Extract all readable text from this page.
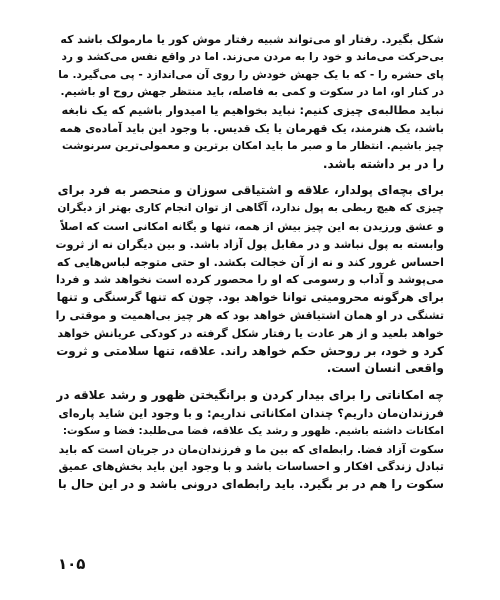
شکل بگیرد. رفتار او می‌تواند شبیه رفتار موش کور یا مارمولک باشد که
بی‌حرکت می‌ماند و خود را به مردن می‌زند. اما در واقع نفس می‌کشد و رد
پای حشره را - که با یک جهش خودش را روی آن می‌اندازد - پی می‌گیرد. ما
در کنار او، اما در سکوت و کمی به فاصله، باید منتظر جهش روح او باشیم.
نباید مطالبه‌ی چیزی کنیم: نباید بخواهیم یا امیدوار باشیم که یک نابغه
باشد، یک هنرمند، یک قهرمان یا یک قدیس. با وجود این باید آماده‌ی همه
چیز باشیم. انتظار ما و صبر ما باید امکان برترین و معمولی‌ترین سرنوشت
را در بر داشته باشد.
برای بچه‌ای پولدار، علاقه و اشتیاقی سوزان و منحصر به فرد برای
چیزی که هیچ ربطی به پول ندارد، آگاهی از توان انجام کاری بهتر از دیگران
و عشق ورزیدن به این چیز بیش از همه، تنها و یگانه امکانی است که اصلاً
وابسته به پول نباشد و در مقابل پول آزاد باشد. و بین دیگران نه از ثروت
احساس غرور کند و نه از آن خجالت بکشد. او حتی متوجه لباس‌هایی که
می‌پوشد و آداب و رسومی که او را محصور کرده است نخواهد شد و فردا
برای هرگونه محرومیتی توانا خواهد بود. چون که تنها گرسنگی و تنها
تشنگی در او همان اشتیاقش خواهد بود که هر چیز بی‌اهمیت و موقتی را
خواهد بلعید و از هر عادت یا رفتار شکل گرفته در کودکی عریانش خواهد
کرد و خود، بر روحش حکم خواهد راند. علاقه، تنها سلامتی و ثروت
واقعی انسان است.
چه امکاناتی را برای بیدار کردن و برانگیختن ظهور و رشد علاقه در
فرزندان‌مان داریم؟ چندان امکاناتی نداریم: و با وجود این شاید پاره‌ای
امکانات داشته باشیم. ظهور و رشد یک علاقه، فضا می‌طلبد: فضا و سکوت:
سکوت آزاد فضا. رابطه‌ای که بین ما و فرزندان‌مان در جریان است که باید
تبادل زندگی افکار و احساسات باشد و با وجود این باید بخش‌های عمیق
سکوت را هم در بر بگیرد. باید رابطه‌ای درونی باشد و در این حال با
۱۰۵
